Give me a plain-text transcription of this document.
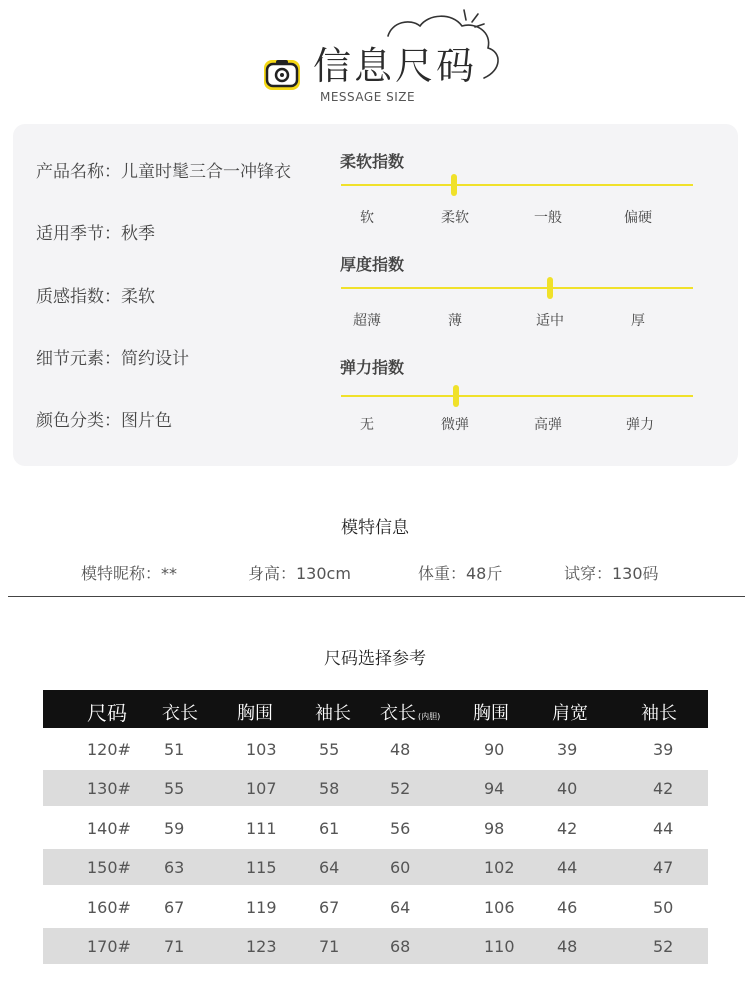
信息尺码
MESSAGE SIZE
产品名称：儿童时髦三合一冲锋衣
适用季节：秋季
质感指数：柔软
细节元素：简约设计
颜色分类：图片色
柔软指数
软	柔软	一般	偏硬
厚度指数
超薄	薄	适中	厚
弹力指数
无	微弹	高弹	弹力
模特信息
模特昵称：**	身高：130cm	体重：48斤	试穿：130码
尺码选择参考
尺码 衣长 胸围 袖长 衣长 (内胆) 胸围 肩宽	袖长
120# 51	103	55	48	90	39	39
130# 55	107	58	52	94	40	42
140# 59	111	61	56	98	42	44
150# 63	115	64	60	102	44	47
160# 67	119	67	64	106	46	50
170# 71	123	71	68	110	48	52
